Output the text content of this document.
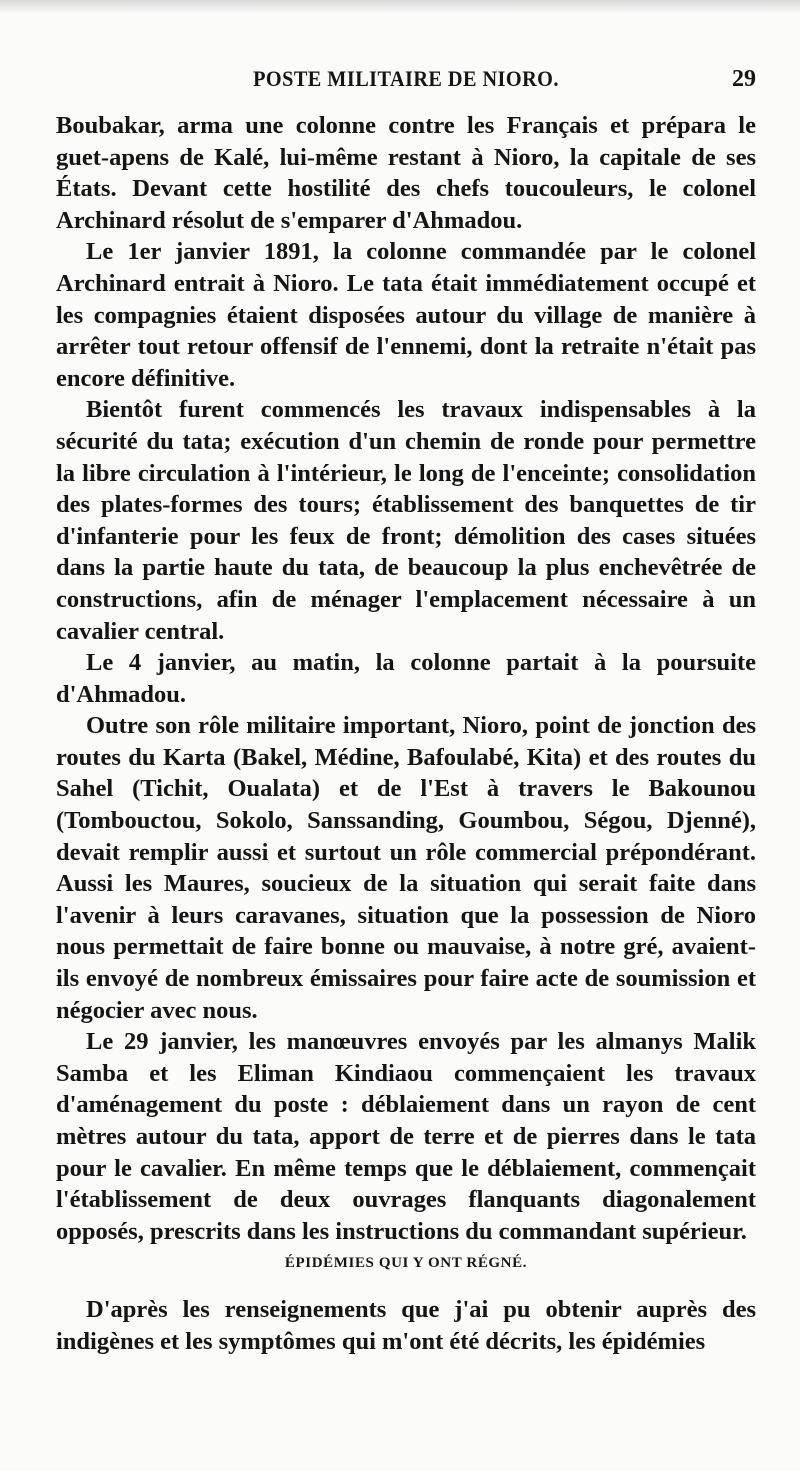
POSTE MILITAIRE DE NIORO.	29

Boubakar, arma une colonne contre les Français et prépara le guet-apens de Kalé, lui-même restant à Nioro, la capitale de ses États. Devant cette hostilité des chefs toucouleurs, le colonel Archinard résolut de s'emparer d'Ahmadou.

Le 1er janvier 1891, la colonne commandée par le colonel Archinard entrait à Nioro. Le tata était immédiatement occupé et les compagnies étaient disposées autour du village de manière à arrêter tout retour offensif de l'ennemi, dont la retraite n'était pas encore définitive.

Bientôt furent commencés les travaux indispensables à la sécurité du tata; exécution d'un chemin de ronde pour permettre la libre circulation à l'intérieur, le long de l'enceinte; consolidation des plates-formes des tours; établissement des banquettes de tir d'infanterie pour les feux de front; démolition des cases situées dans la partie haute du tata, de beaucoup la plus enchevêtrée de constructions, afin de ménager l'emplacement nécessaire à un cavalier central.

Le 4 janvier, au matin, la colonne partait à la poursuite d'Ahmadou.

Outre son rôle militaire important, Nioro, point de jonction des routes du Karta (Bakel, Médine, Bafoulabé, Kita) et des routes du Sahel (Tichit, Oualata) et de l'Est à travers le Bakounou (Tombouctou, Sokolo, Sanssanding, Goumbou, Ségou, Djenné), devait remplir aussi et surtout un rôle commercial prépondérant. Aussi les Maures, soucieux de la situation qui serait faite dans l'avenir à leurs caravanes, situation que la possession de Nioro nous permettait de faire bonne ou mauvaise, à notre gré, avaient-ils envoyé de nombreux émissaires pour faire acte de soumission et négocier avec nous.

Le 29 janvier, les manœuvres envoyés par les almanys Malik Samba et les Eliman Kindiaou commençaient les travaux d'aménagement du poste : déblaiement dans un rayon de cent mètres autour du tata, apport de terre et de pierres dans le tata pour le cavalier. En même temps que le déblaiement, commençait l'établissement de deux ouvrages flanquants diagonalement opposés, prescrits dans les instructions du commandant supérieur.

ÉPIDÉMIES QUI Y ONT RÉGNÉ.

D'après les renseignements que j'ai pu obtenir auprès des indigènes et les symptômes qui m'ont été décrits, les épidémies
